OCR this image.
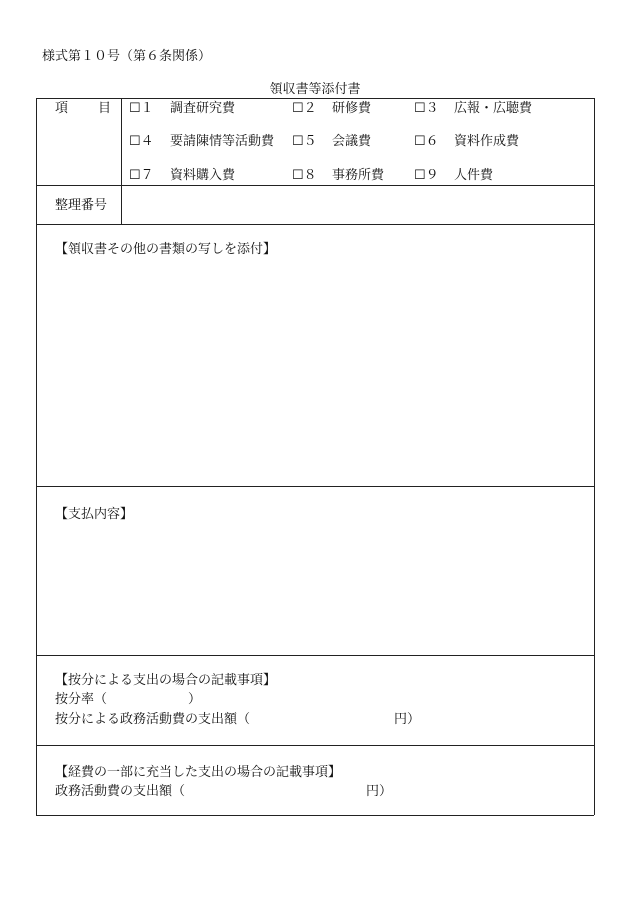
様式第１０号（第６条関係）
領収書等添付書
項　　目 ☐１ 調査研究費	☐２ 研修費	☐３ 広報・広聴費
☐４ 要請陳情等活動費 ☐５ 会議費	☐６ 資料作成費
☐７ 資料購入費	☐８ 事務所費 ☐９ 人件費
整理番号
【領収書その他の書類の写しを添付】
【支払内容】
【按分による支出の場合の記載事項】
按分率（	）
按分による政務活動費の支出額（	円）
【経費の一部に充当した支出の場合の記載事項】
政務活動費の支出額（	円）
